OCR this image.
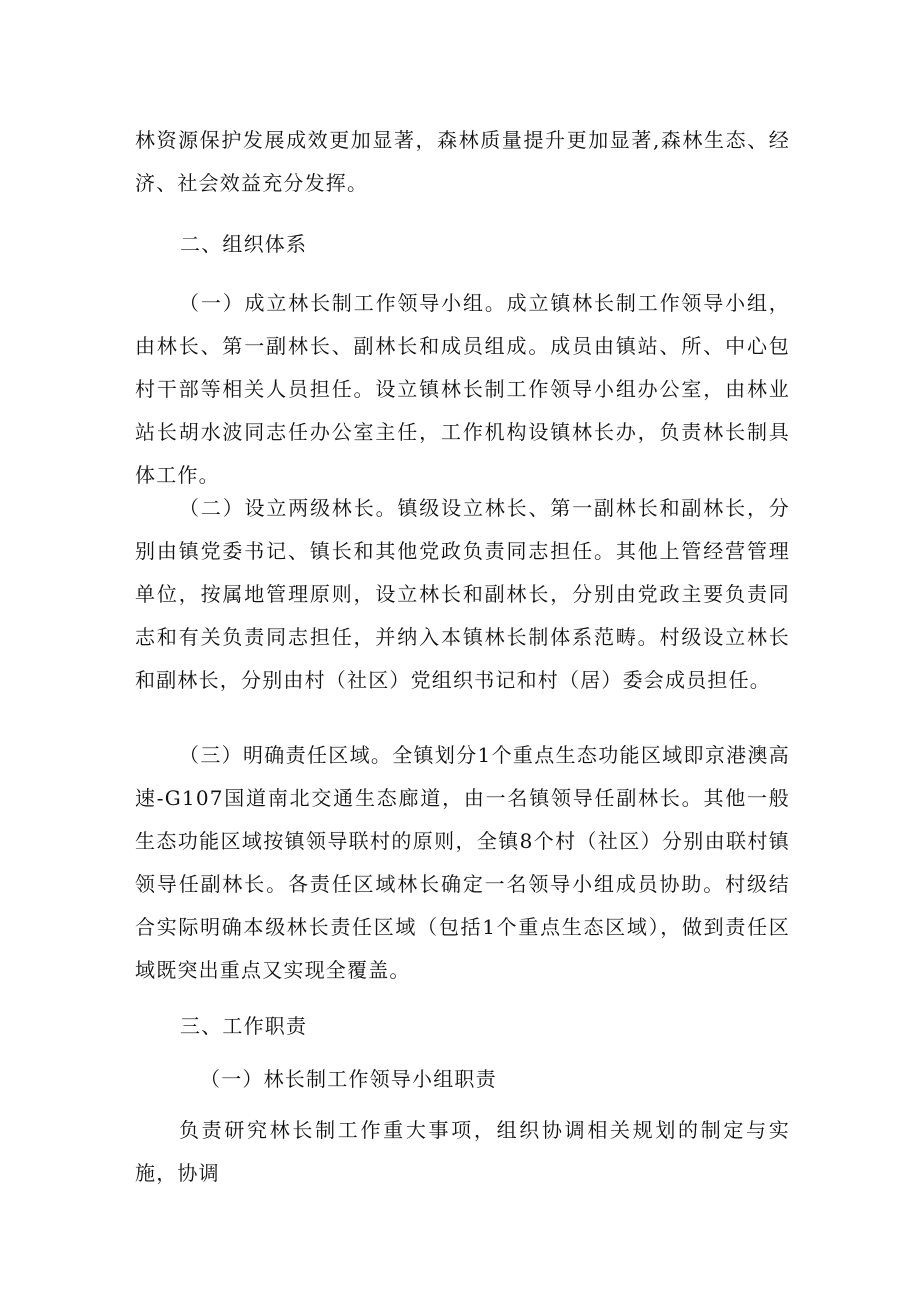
林资源保护发展成效更加显著，森林质量提升更加显著,森林生态、经济、社会效益充分发挥。

二、组织体系

（一）成立林长制工作领导小组。成立镇林长制工作领导小组，由林长、第一副林长、副林长和成员组成。成员由镇站、所、中心包村干部等相关人员担任。设立镇林长制工作领导小组办公室，由林业站长胡水波同志任办公室主任，工作机构设镇林长办，负责林长制具体工作。

（二）设立两级林长。镇级设立林长、第一副林长和副林长，分别由镇党委书记、镇长和其他党政负责同志担任。其他上管经营管理单位，按属地管理原则，设立林长和副林长，分别由党政主要负责同志和有关负责同志担任，并纳入本镇林长制体系范畴。村级设立林长和副林长，分别由村（社区）党组织书记和村（居）委会成员担任。

（三）明确责任区域。全镇划分1个重点生态功能区域即京港澳高速-G107国道南北交通生态廊道，由一名镇领导任副林长。其他一般生态功能区域按镇领导联村的原则，全镇8个村（社区）分别由联村镇领导任副林长。各责任区域林长确定一名领导小组成员协助。村级结合实际明确本级林长责任区域（包括1个重点生态区域），做到责任区域既突出重点又实现全覆盖。

三、工作职责

（一）林长制工作领导小组职责

负责研究林长制工作重大事项，组织协调相关规划的制定与实施，协调
